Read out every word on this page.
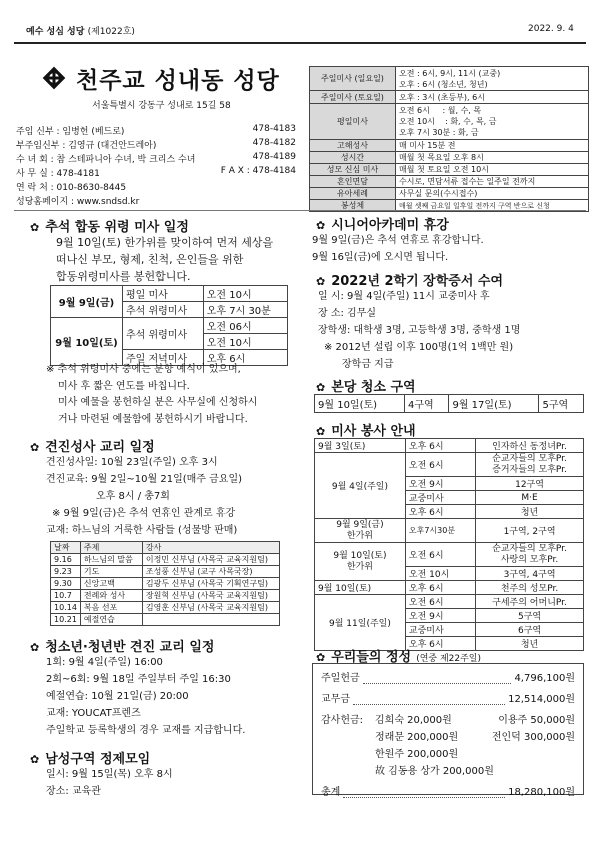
예수 성심 성당 (제1022호)	2022. 9. 4
천주교 성내동 성당
서울특별시 강동구 성내로 15길 58
주임 신부 : 임병헌 (베드로)	478-4183
부주임신부 : 김영규 (대건안드레아)	478-4182
수 녀 회 : 참 스테파니아 수녀, 박 크리스 수녀	478-4189
사 무 실 : 478-4181	F A X : 478-4184
연 락 처 : 010-8630-8445
성당홈페이지 : www.sndsd.kr
주일미사 (일요일)	오전 : 6시, 9시, 11시 (교중)
오후 : 6시 (청소년, 청년)
주일미사 (토요일)	오후 : 3시 (초등부), 6시
평일미사	오전 6시     : 월, 수, 목
오전 10시    : 화, 수, 목, 금
오후 7시 30분 : 화, 금
고해성사	매 미사 15분 전
성시간	매월 첫 목요일 오후 8시
성모 신심 미사	매월 첫 토요일 오전 10시
혼인면담	수시로, 면담서류 접수는 일주일 전까지
유아세례	사무실 문의(수시접수)
봉성체	매월 셋째 금요일 일후일 전까지 구역 반으로 신청
✿ 추석 합동 위령 미사 일정
9월 10일(토) 한가위를 맞이하여 먼저 세상을
떠나신 부모, 형제, 친척, 은인들을 위한
합동위령미사를 봉헌합니다.
9월 9일(금)	평일 미사	오전 10시
	추석 위령미사	오후 7시 30분
9월 10일(토)	추석 위령미사	오전 06시
		오전 10시
	주일 저녁미사	오후 6시
※ 추석 위령미사 중에는 분향 예식이 있으며,
미사 후 짧은 연도를 바칩니다.
미사 예물을 봉헌하실 분은 사무실에 신청하시
거나 마련된 예물함에 봉헌하시기 바랍니다.
✿ 견진성사 교리 일정
견진성사일: 10월 23일(주일) 오후 3시
견진교육: 9월 2일~10월 21일(매주 금요일)
오후 8시 / 총7회
※ 9월 9일(금)은 추석 연휴인 관계로 휴강
교재: 하느님의 거룩한 사람들 (성물방 판매)
날짜	주제	강사
9.16	하느님의 말씀	이정민 신부님 (사목국 교육지원팀)
9.23	기도	조성풍 신부님 (교구 사목국장)
9.30	신앙고백	김광두 신부님 (사목국 기획연구팀)
10.7	전례와 성사	장원혁 신부님 (사목국 교육지원팀)
10.14	복음 선포	김영훈 신부님 (사목국 교육지원팀)
10.21	예절연습	
✿ 청소년·청년반 견진 교리 일정
1회: 9월 4일(주일) 16:00
2회~6회: 9월 18일 주일부터 주일 16:30
예절연습: 10월 21일(금) 20:00
교재: YOUCAT프렌즈
주일학교 등록학생의 경우 교재를 지급합니다.
✿ 남성구역 정제모임
일시: 9월 15일(목) 오후 8시
장소: 교육관
✿ 시니어아카데미 휴강
9월 9일(금)은 추석 연휴로 휴강합니다.
9월 16일(금)에 오시면 됩니다.
✿ 2022년 2학기 장학증서 수여
일 시: 9월 4일(주일) 11시 교중미사 후
장 소: 김무실
장학생: 대학생 3명, 고등학생 3명, 중학생 1명
※ 2012년 설립 이후 100명(1억 1백만 원)
장학금 지급
✿ 본당 청소 구역
9월 10일(토)	4구역	9월 17일(토)	5구역
✿ 미사 봉사 안내
9월 3일(토)	오후 6시	인자하신 동정녀Pr.
9월 4일(주일)	오전 6시	순교자들의 모후Pr.
증거자들의 모후Pr.
	오전 9시	12구역
	교중미사	M·E
	오후 6시	청년
9월 9일(금)
한가위	오후7시30분	1구역, 2구역
9월 10일(토)
한가위	오전 6시	순교자들의 모후Pr.
사랑의 모후Pr.
	오전 10시	3구역, 4구역
9월 10일(토)	오후 6시	천주의 성모Pr.
9월 11일(주일)	오전 6시	구세주의 어머니Pr.
	오전 9시	5구역
	교중미사	6구역
	오후 6시	청년
✿ 우리들의 정성 (연중 제22주일)
주일헌금	4,796,100원
교무금	12,514,000원
감사헌금:	김희숙 20,000원	이용주 50,000원
정래문 200,000원	전인덕 300,000원
한원주 200,000원
故 김동용 상가 200,000원
총계	18,280,100원
